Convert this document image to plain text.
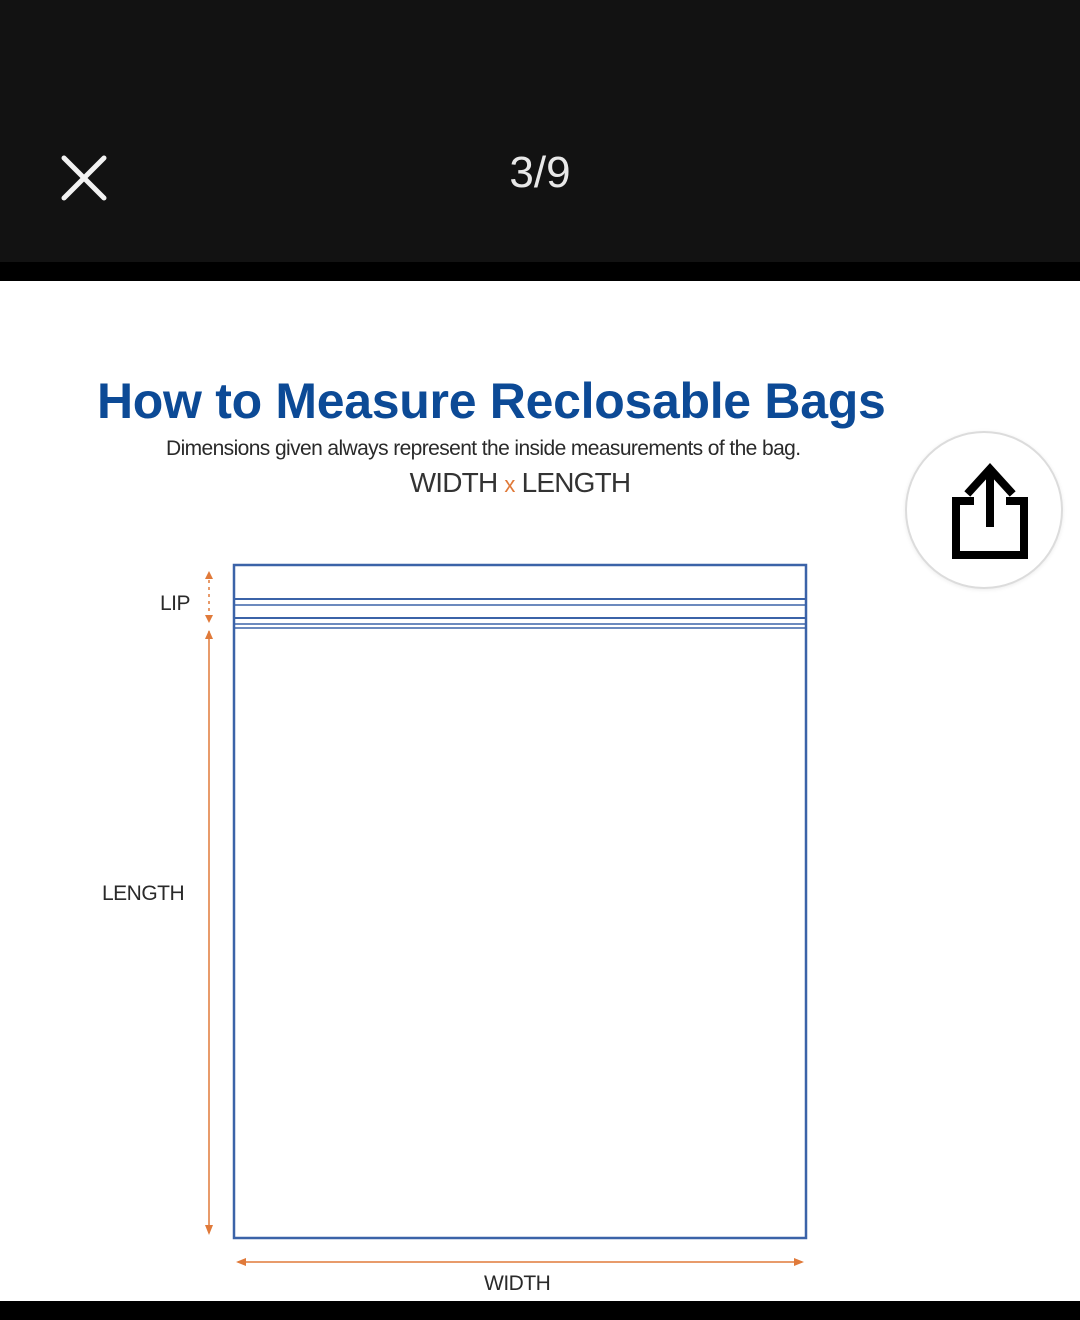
3/9
How to Measure Reclosable Bags
Dimensions given always represent the inside measurements of the bag.
WIDTH x LENGTH
LIP
LENGTH
WIDTH
